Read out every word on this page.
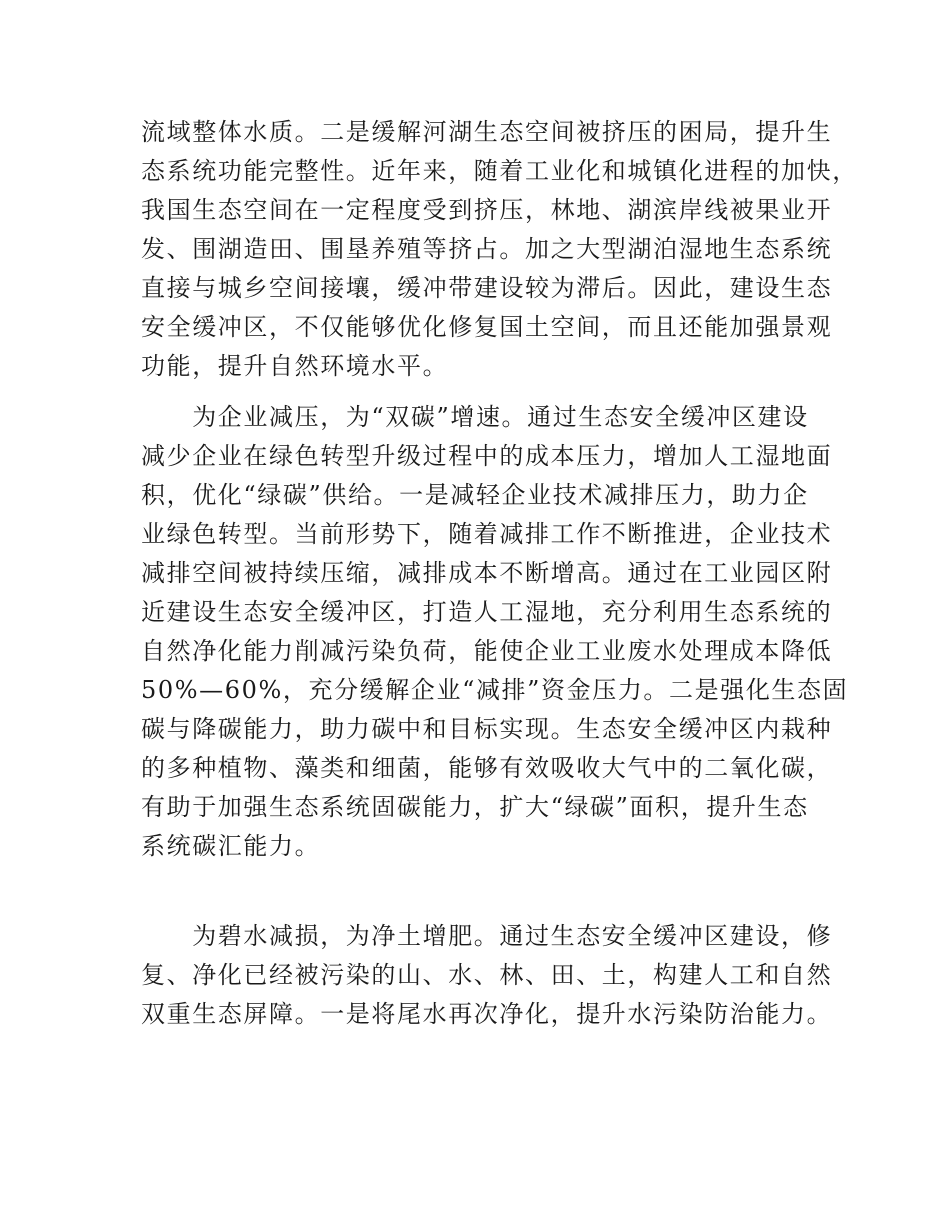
流域整体水质。二是缓解河湖生态空间被挤压的困局，提升生
态系统功能完整性。近年来，随着工业化和城镇化进程的加快，
我国生态空间在一定程度受到挤压，林地、湖滨岸线被果业开
发、围湖造田、围垦养殖等挤占。加之大型湖泊湿地生态系统
直接与城乡空间接壤，缓冲带建设较为滞后。因此，建设生态
安全缓冲区，不仅能够优化修复国土空间，而且还能加强景观
功能，提升自然环境水平。
　　为企业减压，为“双碳”增速。通过生态安全缓冲区建设
减少企业在绿色转型升级过程中的成本压力，增加人工湿地面
积，优化“绿碳”供给。一是减轻企业技术减排压力，助力企
业绿色转型。当前形势下，随着减排工作不断推进，企业技术
减排空间被持续压缩，减排成本不断增高。通过在工业园区附
近建设生态安全缓冲区，打造人工湿地，充分利用生态系统的
自然净化能力削减污染负荷，能使企业工业废水处理成本降低
50%—60%，充分缓解企业“减排”资金压力。二是强化生态固
碳与降碳能力，助力碳中和目标实现。生态安全缓冲区内栽种
的多种植物、藻类和细菌，能够有效吸收大气中的二氧化碳，
有助于加强生态系统固碳能力，扩大“绿碳”面积，提升生态
系统碳汇能力。
　　为碧水减损，为净土增肥。通过生态安全缓冲区建设，修
复、净化已经被污染的山、水、林、田、土，构建人工和自然
双重生态屏障。一是将尾水再次净化，提升水污染防治能力。
